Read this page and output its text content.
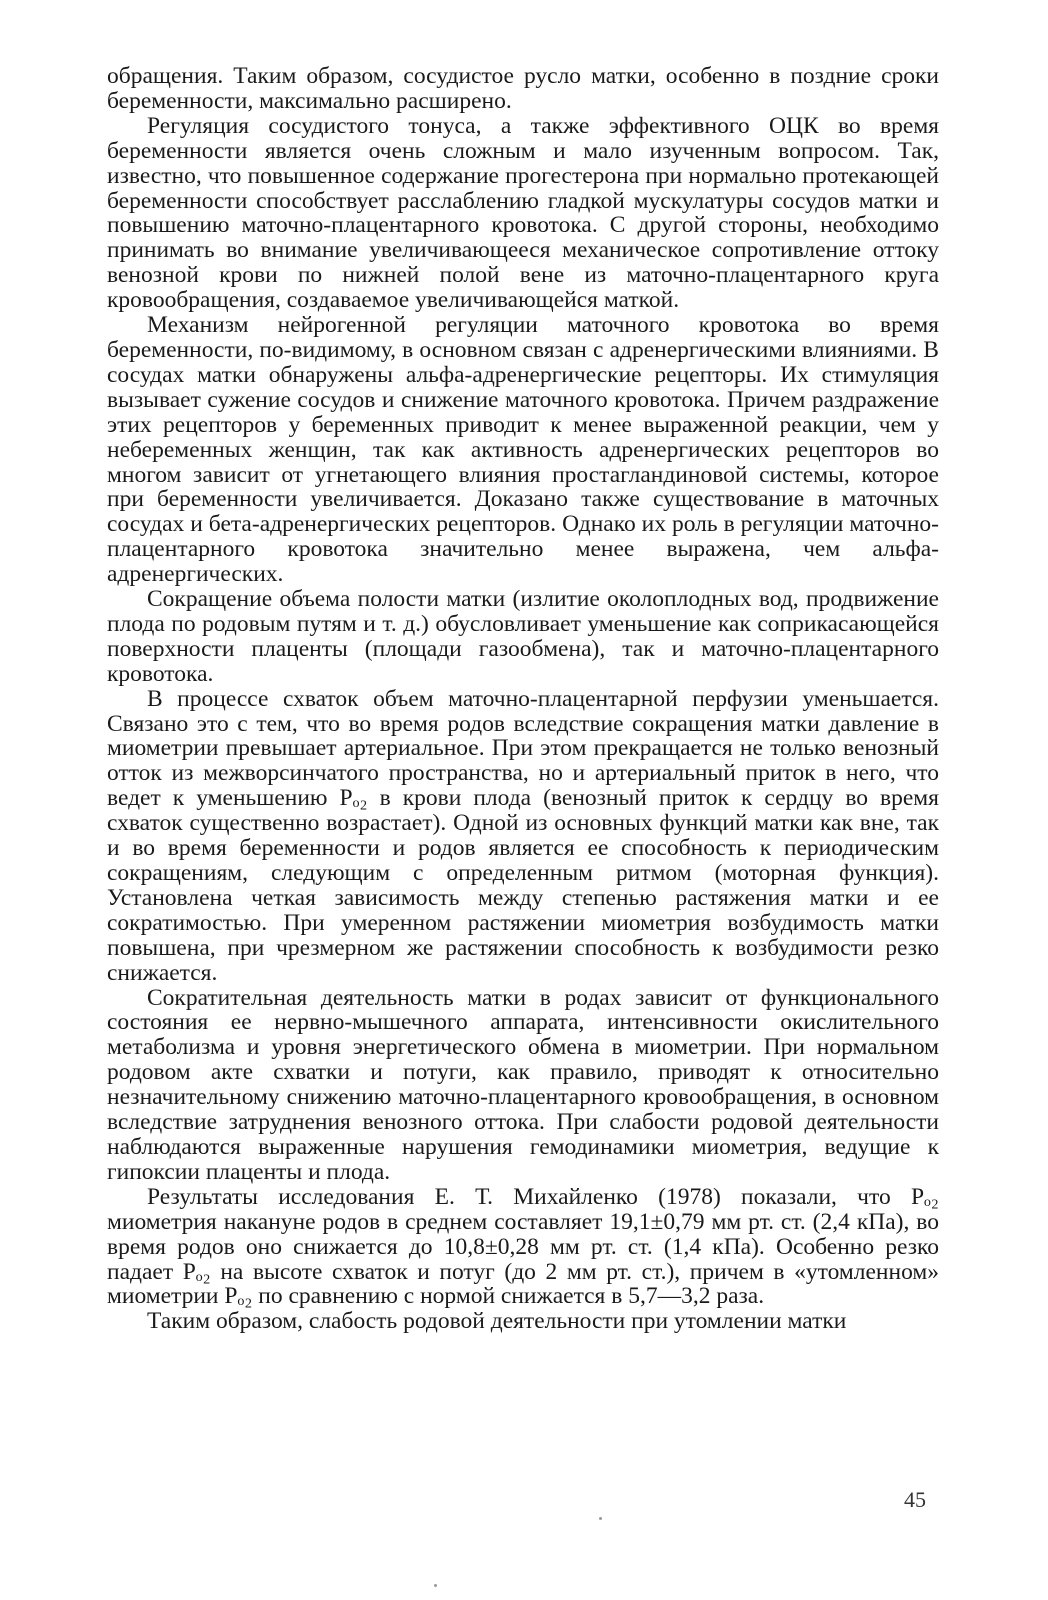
обращения. Таким образом, сосудистое русло матки, особенно в поздние сроки беременности, максимально расширено.

Регуляция сосудистого тонуса, а также эффективного ОЦК во время беременности является очень сложным и мало изученным вопросом. Так, известно, что повышенное содержание прогестерона при нормально протекающей беременности способствует расслаблению гладкой мускулатуры сосудов матки и повышению маточно-плацентарного кровотока. С другой стороны, необходимо принимать во внимание увеличивающееся механическое сопротивление оттоку венозной крови по нижней полой вене из маточно-плацентарного круга кровообращения, создаваемое увеличивающейся маткой.

Механизм нейрогенной регуляции маточного кровотока во время беременности, по-видимому, в основном связан с адренергическими влияниями. В сосудах матки обнаружены альфа-адренергические рецепторы. Их стимуляция вызывает сужение сосудов и снижение маточного кровотока. Причем раздражение этих рецепторов у беременных приводит к менее выраженной реакции, чем у небеременных женщин, так как активность адренергических рецепторов во многом зависит от угнетающего влияния простагландиновой системы, которое при беременности увеличивается. Доказано также существование в маточных сосудах и бета-адренергических рецепторов. Однако их роль в регуляции маточно-плацентарного кровотока значительно менее выражена, чем альфа-адренергических.

Сокращение объема полости матки (излитие околоплодных вод, продвижение плода по родовым путям и т. д.) обусловливает уменьшение как соприкасающейся поверхности плаценты (площади газообмена), так и маточно-плацентарного кровотока.

В процессе схваток объем маточно-плацентарной перфузии уменьшается. Связано это с тем, что во время родов вследствие сокращения матки давление в миометрии превышает артериальное. При этом прекращается не только венозный отток из межворсинчатого пространства, но и артериальный приток в него, что ведет к уменьшению Pₒ₂ в крови плода (венозный приток к сердцу во время схваток существенно возрастает). Одной из основных функций матки как вне, так и во время беременности и родов является ее способность к периодическим сокращениям, следующим с определенным ритмом (моторная функция). Установлена четкая зависимость между степенью растяжения матки и ее сократимостью. При умеренном растяжении миометрия возбудимость матки повышена, при чрезмерном же растяжении способность к возбудимости резко снижается.

Сократительная деятельность матки в родах зависит от функционального состояния ее нервно-мышечного аппарата, интенсивности окислительного метаболизма и уровня энергетического обмена в миометрии. При нормальном родовом акте схватки и потуги, как правило, приводят к относительно незначительному снижению маточно-плацентарного кровообращения, в основном вследствие затруднения венозного оттока. При слабости родовой деятельности наблюдаются выраженные нарушения гемодинамики миометрия, ведущие к гипоксии плаценты и плода.

Результаты исследования Е. Т. Михайленко (1978) показали, что Pₒ₂ миометрия накануне родов в среднем составляет 19,1±0,79 мм рт. ст. (2,4 кПа), во время родов оно снижается до 10,8±0,28 мм рт. ст. (1,4 кПа). Особенно резко падает Pₒ₂ на высоте схваток и потуг (до 2 мм рт. ст.), причем в «утомленном» миометрии Pₒ₂ по сравнению с нормой снижается в 5,7—3,2 раза.

Таким образом, слабость родовой деятельности при утомлении матки

45
